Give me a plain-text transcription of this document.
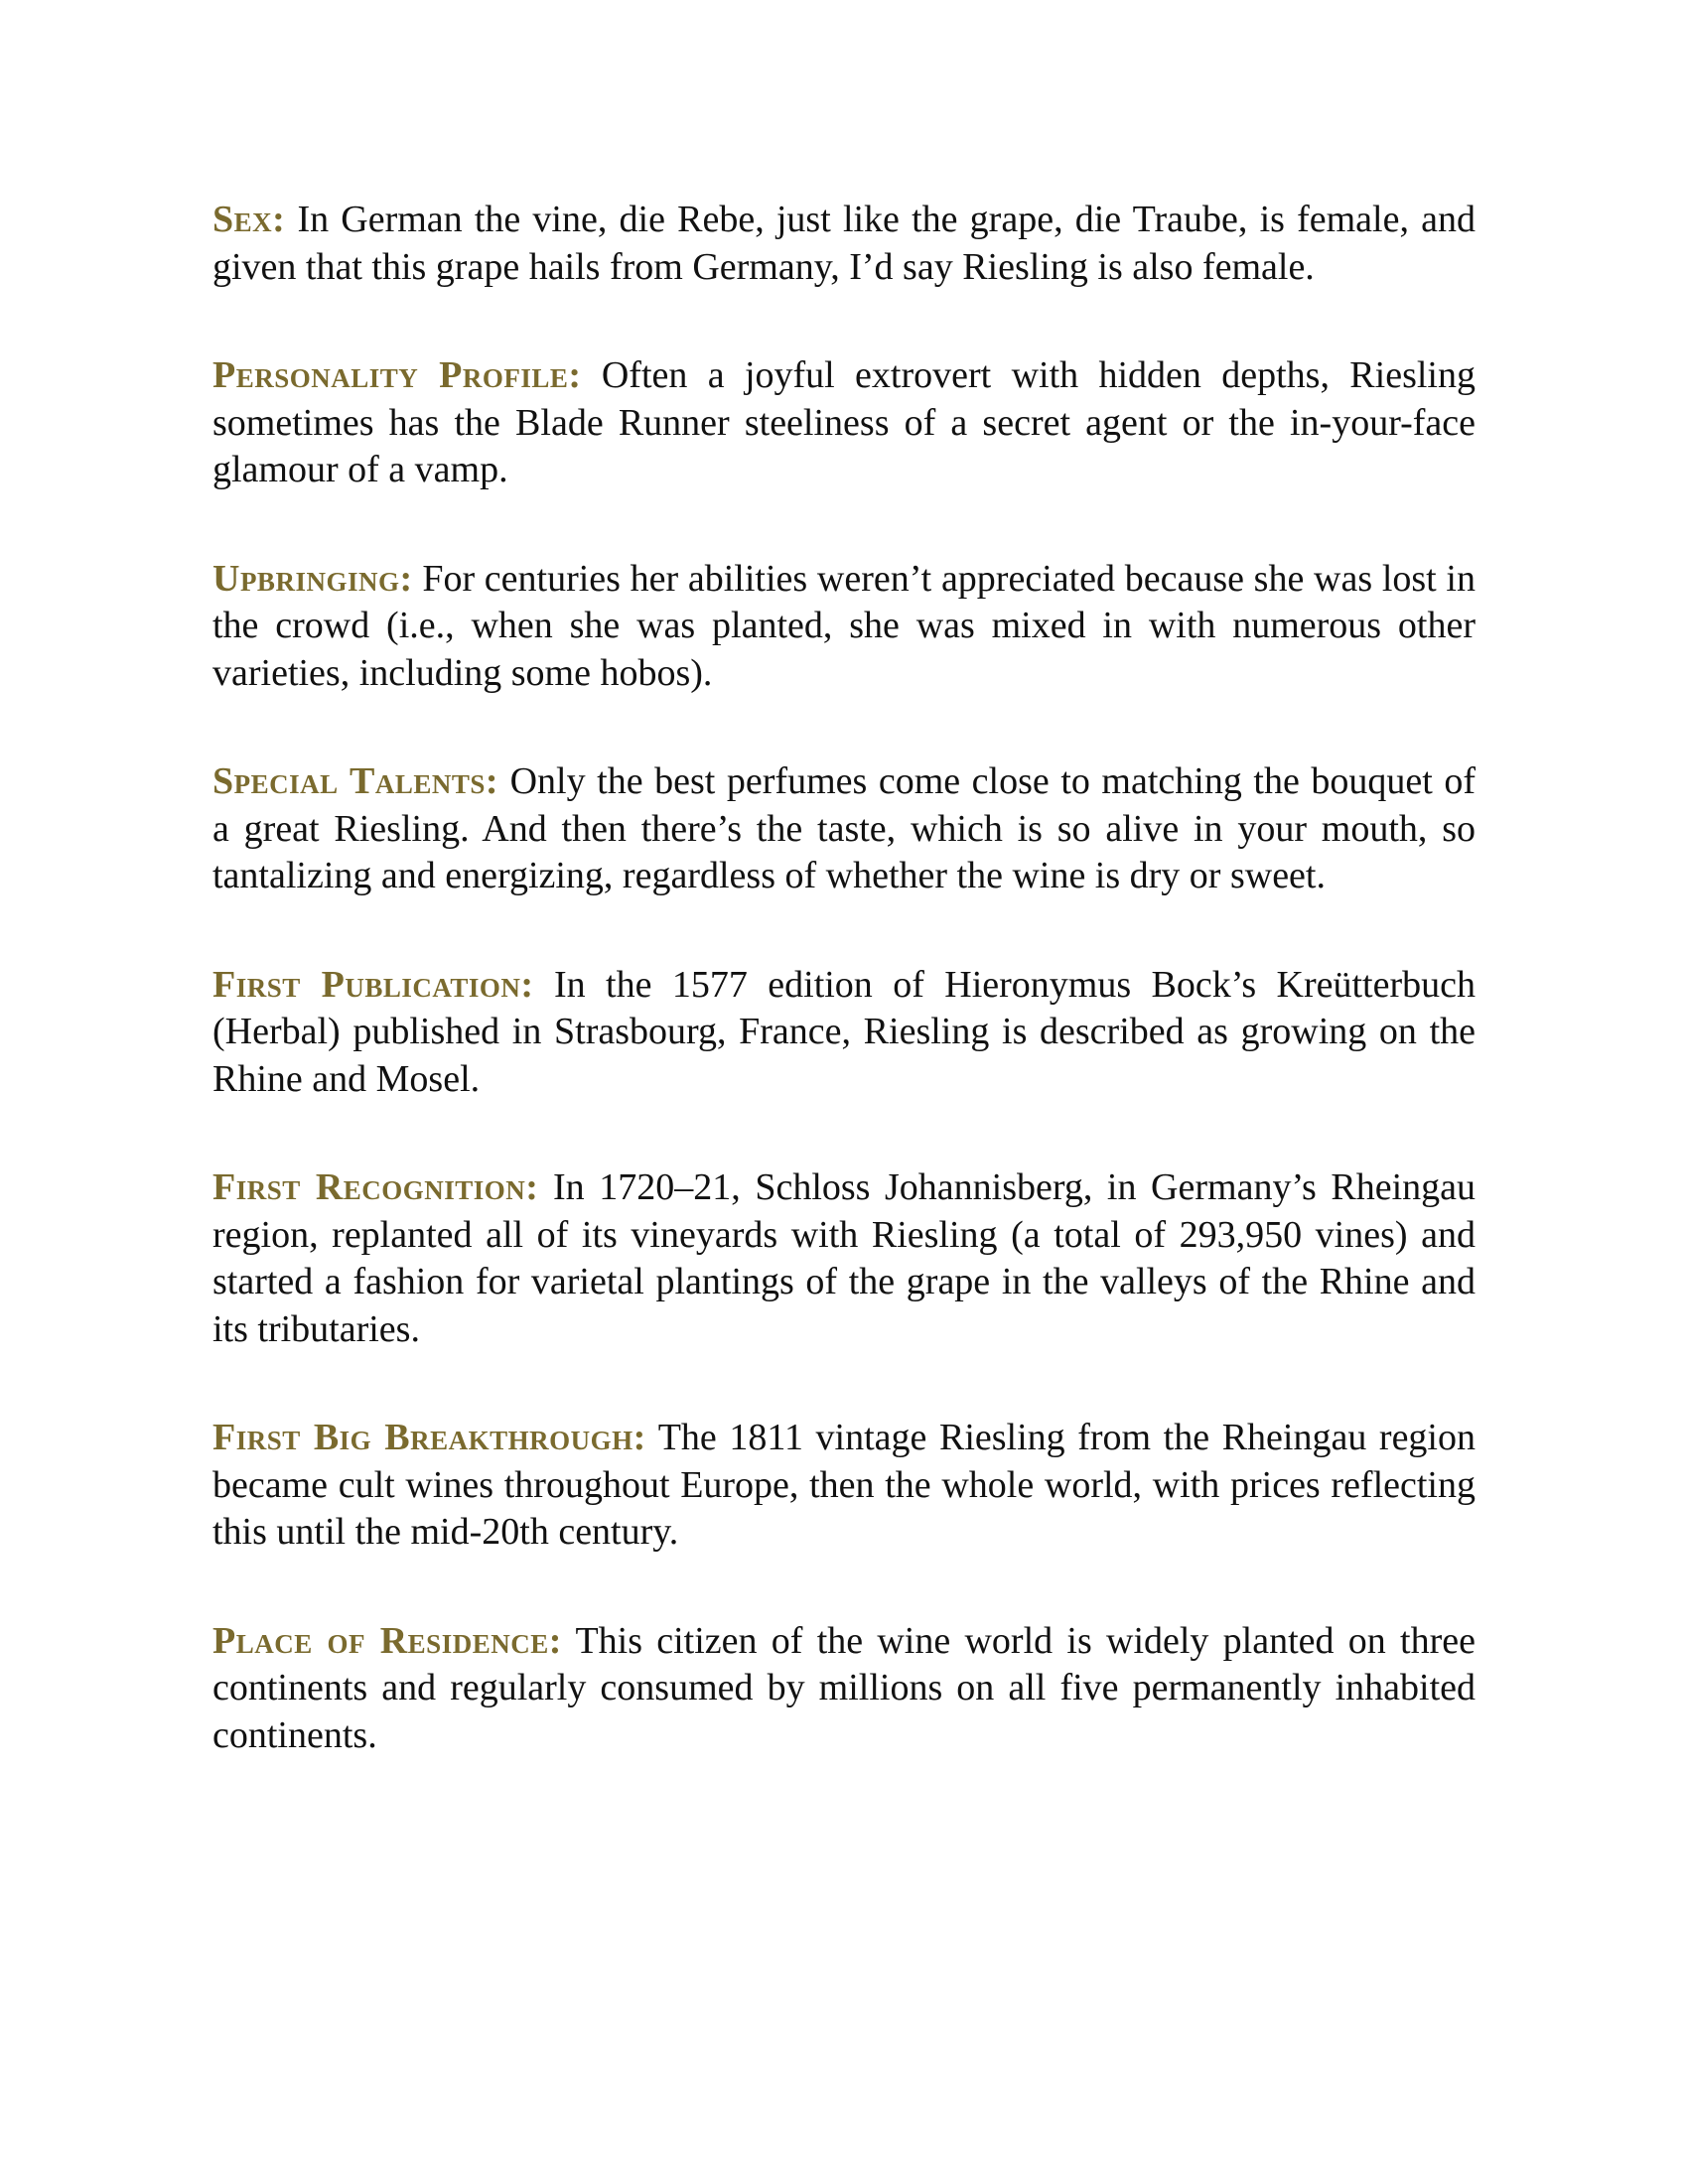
Sex: In German the vine, die Rebe, just like the grape, die Traube, is female, and given that this grape hails from Germany, I’d say Riesling is also female.

Personality Profile: Often a joyful extrovert with hidden depths, Riesling sometimes has the Blade Runner steeliness of a secret agent or the in-your-face glamour of a vamp.

Upbringing: For centuries her abilities weren’t appreciated because she was lost in the crowd (i.e., when she was planted, she was mixed in with numerous other varieties, including some hobos).

Special Talents: Only the best perfumes come close to matching the bouquet of a great Riesling. And then there’s the taste, which is so alive in your mouth, so tantalizing and energizing, regardless of whether the wine is dry or sweet.

First Publication: In the 1577 edition of Hieronymus Bock’s Kreütterbuch (Herbal) published in Strasbourg, France, Riesling is described as growing on the Rhine and Mosel.

First Recognition: In 1720–21, Schloss Johannisberg, in Germany’s Rheingau region, replanted all of its vineyards with Riesling (a total of 293,950 vines) and started a fashion for varietal plantings of the grape in the valleys of the Rhine and its tributaries.

First Big Breakthrough: The 1811 vintage Riesling from the Rheingau region became cult wines throughout Europe, then the whole world, with prices reflecting this until the mid-20th century.

Place of Residence: This citizen of the wine world is widely planted on three continents and regularly consumed by millions on all five permanently inhabited continents.
